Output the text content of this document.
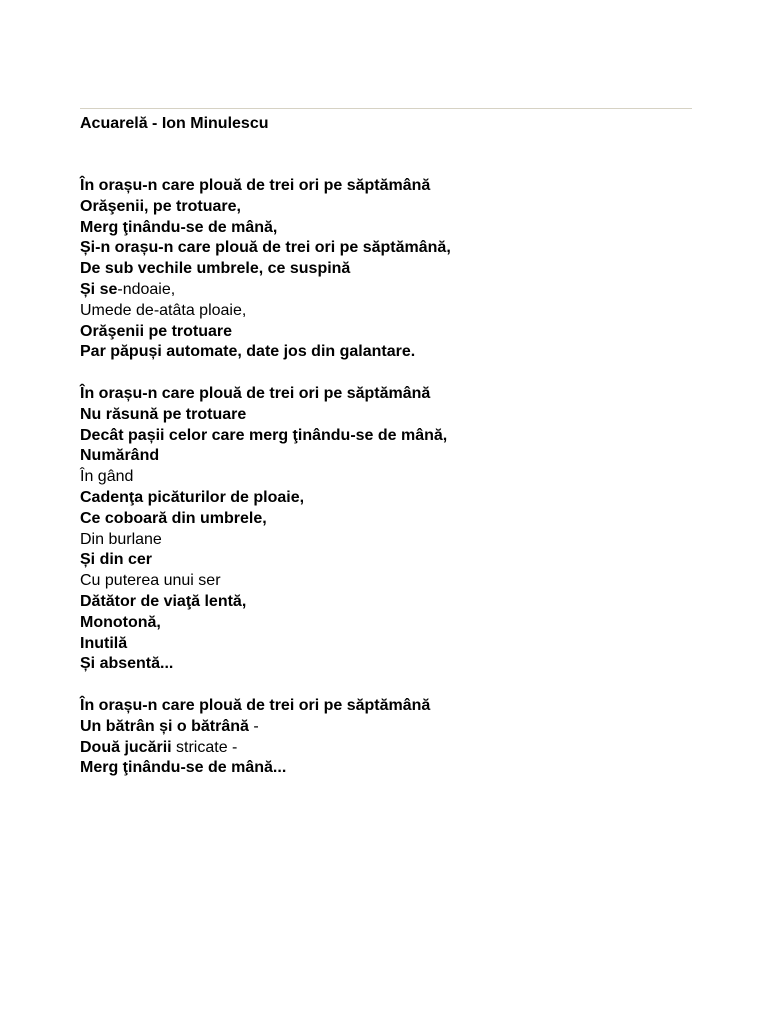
Acuarelă - Ion Minulescu
În orașu-n care plouă de trei ori pe săptămână
Orăşenii, pe trotuare,
Merg ţinându-se de mână,
Și-n orașu-n care plouă de trei ori pe săptămână,
De sub vechile umbrele, ce suspină
Și se-ndoaie,
Umede de-atâta ploaie,
Orăşenii pe trotuare
Par păpuși automate, date jos din galantare.
În orașu-n care plouă de trei ori pe săptămână
Nu răsună pe trotuare
Decât pașii celor care merg ţinându-se de mână,
Numărând
În gând
Cadenţa picăturilor de ploaie,
Ce coboară din umbrele,
Din burlane
Și din cer
Cu puterea unui ser
Dătător de viaţă lentă,
Monotonă,
Inutilă
Și absentă...
În orașu-n care plouă de trei ori pe săptămână
Un bătrân și o bătrână -
Două jucării stricate -
Merg ţinându-se de mână...
